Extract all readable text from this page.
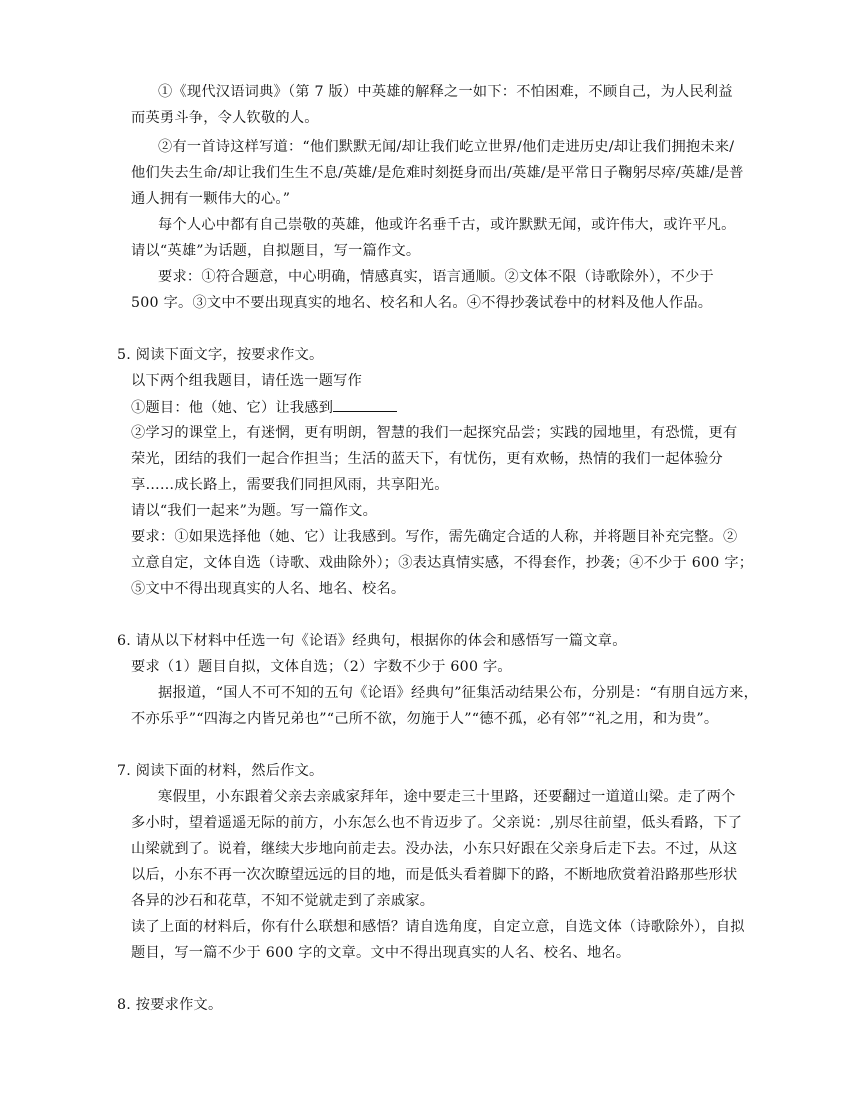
①《现代汉语词典》（第 7 版）中英雄的解释之一如下：不怕困难，不顾自己，为人民利益
而英勇斗争，令人钦敬的人。
②有一首诗这样写道：“他们默默无闻/却让我们屹立世界/他们走进历史/却让我们拥抱未来/
他们失去生命/却让我们生生不息/英雄/是危难时刻挺身而出/英雄/是平常日子鞠躬尽瘁/英雄/是普
通人拥有一颗伟大的心。”
每个人心中都有自己崇敬的英雄，他或许名垂千古，或许默默无闻，或许伟大，或许平凡。
请以“英雄”为话题，自拟题目，写一篇作文。
要求：①符合题意，中心明确，情感真实，语言通顺。②文体不限（诗歌除外），不少于
500 字。③文中不要出现真实的地名、校名和人名。④不得抄袭试卷中的材料及他人作品。
5. 阅读下面文字，按要求作文。
以下两个组我题目，请任选一题写作
①题目：他（她、它）让我感到
②学习的课堂上，有迷惘，更有明朗，智慧的我们一起探究品尝；实践的园地里，有恐慌，更有
荣光，团结的我们一起合作担当；生活的蓝天下，有忧伤，更有欢畅，热情的我们一起体验分
享……成长路上，需要我们同担风雨，共享阳光。
请以“我们一起来”为题。写一篇作文。
要求：①如果选择他（她、它）让我感到。写作，需先确定合适的人称，并将题目补充完整。②
立意自定，文体自选（诗歌、戏曲除外）；③表达真情实感，不得套作，抄袭；④不少于 600 字；
⑤文中不得出现真实的人名、地名、校名。
6. 请从以下材料中任选一句《论语》经典句，根据你的体会和感悟写一篇文章。
要求（1）题目自拟，文体自选；（2）字数不少于 600 字。
据报道，“国人不可不知的五句《论语》经典句”征集活动结果公布，分别是：“有朋自远方来，
不亦乐乎”“四海之内皆兄弟也”“己所不欲，勿施于人”“德不孤，必有邻”“礼之用，和为贵”。
7. 阅读下面的材料，然后作文。
寒假里，小东跟着父亲去亲戚家拜年，途中要走三十里路，还要翻过一道道山梁。走了两个
多小时，望着遥遥无际的前方，小东怎么也不肯迈步了。父亲说：,别尽往前望，低头看路，下了
山梁就到了。说着，继续大步地向前走去。没办法，小东只好跟在父亲身后走下去。不过，从这
以后，小东不再一次次瞭望远远的目的地，而是低头看着脚下的路，不断地欣赏着沿路那些形状
各异的沙石和花草，不知不觉就走到了亲戚家。
读了上面的材料后，你有什么联想和感悟？请自选角度，自定立意，自选文体（诗歌除外），自拟
题目，写一篇不少于 600 字的文章。文中不得出现真实的人名、校名、地名。
8. 按要求作文。
